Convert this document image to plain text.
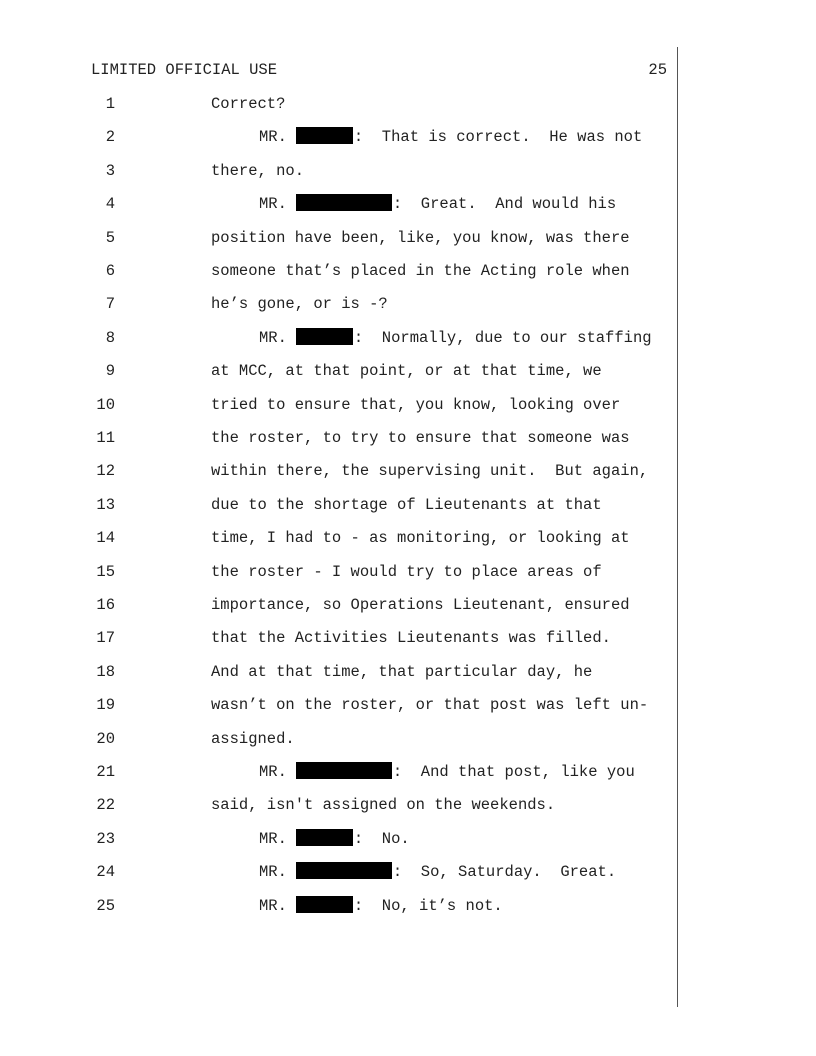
LIMITED OFFICIAL USE	25
1	Correct?
2	MR.	:  That is correct.  He was not
3	there, no.
4	MR.	:  Great.  And would his
5	position have been, like, you know, was there
6	someone that’s placed in the Acting role when
7	he’s gone, or is -?
8	MR.	:  Normally, due to our staffing
9	at MCC, at that point, or at that time, we
10	tried to ensure that, you know, looking over
11	the roster, to try to ensure that someone was
12	within there, the supervising unit.  But again,
13	due to the shortage of Lieutenants at that
14	time, I had to - as monitoring, or looking at
15	the roster - I would try to place areas of
16	importance, so Operations Lieutenant, ensured
17	that the Activities Lieutenants was filled.
18	And at that time, that particular day, he
19	wasn’t on the roster, or that post was left un-
20	assigned.
21	MR.	:  And that post, like you
22	said, isn't assigned on the weekends.
23	MR.	:  No.
24	MR.	:  So, Saturday.  Great.
25	MR.	:  No, it’s not.
